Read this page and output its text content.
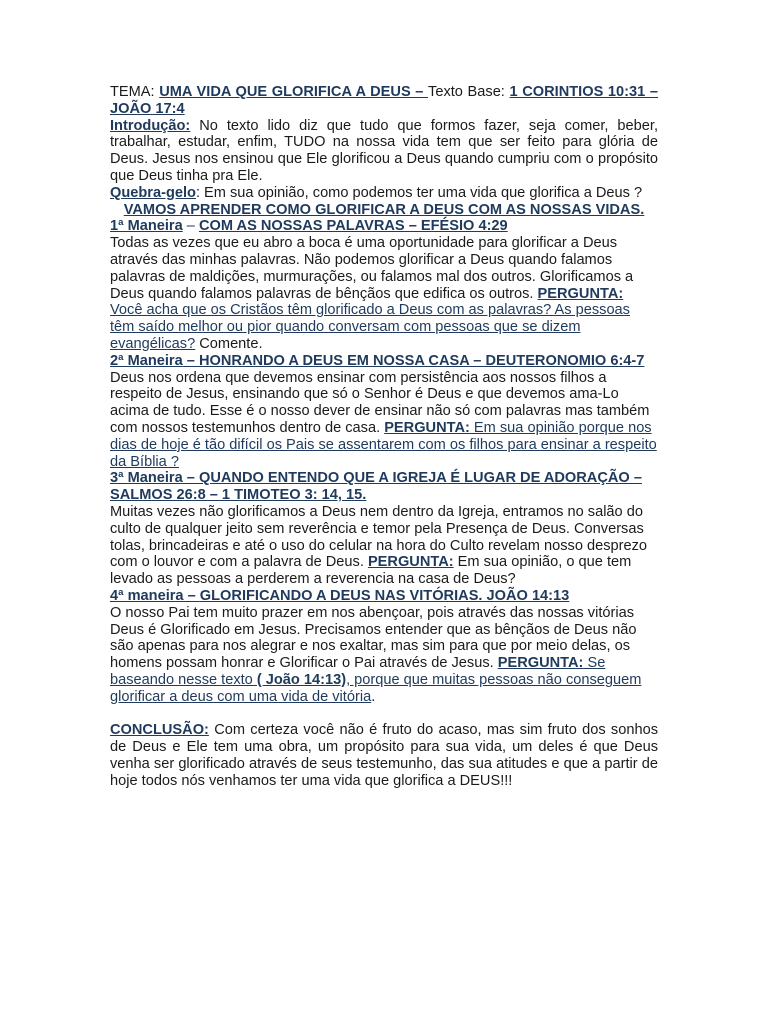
TEMA: UMA VIDA QUE GLORIFICA A DEUS – Texto Base: 1 CORINTIOS 10:31 – JOÃO 17:4

Introdução: No texto lido diz que tudo que formos fazer, seja comer, beber, trabalhar, estudar, enfim, TUDO na nossa vida tem que ser feito para glória de Deus. Jesus nos ensinou que Ele glorificou a Deus quando cumpriu com o propósito que Deus tinha pra Ele.

Quebra-gelo: Em sua opinião, como podemos ter uma vida que glorifica a Deus ?

VAMOS APRENDER COMO GLORIFICAR A DEUS COM AS NOSSAS VIDAS.

1ª Maneira – COM AS NOSSAS PALAVRAS – EFÉSIO 4:29

Todas as vezes que eu abro a boca é uma oportunidade para glorificar a Deus através das minhas palavras. Não podemos glorificar a Deus quando falamos palavras de maldições, murmurações, ou falamos mal dos outros. Glorificamos a Deus quando falamos palavras de bênçãos que edifica os outros. PERGUNTA: Você acha que os Cristãos têm glorificado a Deus com as palavras? As pessoas têm saído melhor ou pior quando conversam com pessoas que se dizem evangélicas? Comente.

2ª Maneira – HONRANDO A DEUS EM NOSSA CASA – DEUTERONOMIO 6:4-7

Deus nos ordena que devemos ensinar com persistência aos nossos filhos a respeito de Jesus, ensinando que só o Senhor é Deus e que devemos ama-Lo acima de tudo. Esse é o nosso dever de ensinar não só com palavras mas também com nossos testemunhos dentro de casa. PERGUNTA: Em sua opinião porque nos dias de hoje é tão difícil os Pais se assentarem com os filhos para ensinar a respeito da Bíblia ?

3ª Maneira – QUANDO ENTENDO QUE A IGREJA É LUGAR DE ADORAÇÃO – SALMOS 26:8 – 1 TIMOTEO 3: 14, 15.

Muitas vezes não glorificamos a Deus nem dentro da Igreja, entramos no salão do culto de qualquer jeito sem reverência e temor pela Presença de Deus. Conversas tolas, brincadeiras e até o uso do celular na hora do Culto revelam nosso desprezo com o louvor e com a palavra de Deus. PERGUNTA: Em sua opinião, o que tem levado as pessoas a perderem a reverencia na casa de Deus?

4ª maneira – GLORIFICANDO A DEUS NAS VITÓRIAS. JOÃO 14:13

O nosso Pai tem muito prazer em nos abençoar, pois através das nossas vitórias Deus é Glorificado em Jesus. Precisamos entender que as bênçãos de Deus não são apenas para nos alegrar e nos exaltar, mas sim para que por meio delas, os homens possam honrar e Glorificar o Pai através de Jesus. PERGUNTA: Se baseando nesse texto ( João 14:13), porque que muitas pessoas não conseguem glorificar a deus com uma vida de vitória.

CONCLUSÃO: Com certeza você não é fruto do acaso, mas sim fruto dos sonhos de Deus e Ele tem uma obra, um propósito para sua vida, um deles é que Deus venha ser glorificado através de seus testemunho, das sua atitudes e que a partir de hoje todos nós venhamos ter uma vida que glorifica a DEUS!!!
